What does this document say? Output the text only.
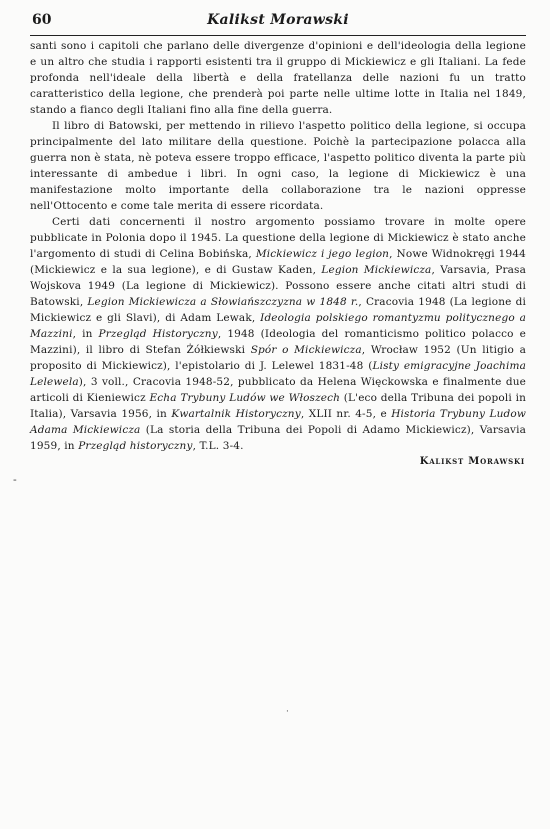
60	Kalikst Morawski

santi sono i capitoli che parlano delle divergenze d'opinioni e dell'ideologia della legione e un altro che studia i rapporti esistenti tra il gruppo di Mickiewicz e gli Italiani. La fede profonda nell'ideale della libertà e della fratellanza delle nazioni fu un tratto caratteristico della legione, che prenderà poi parte nelle ultime lotte in Italia nel 1849, stando a fianco degli Italiani fino alla fine della guerra.

Il libro di Batowski, per mettendo in rilievo l'aspetto politico della legione, si occupa principalmente del lato militare della questione. Poichè la partecipazione polacca alla guerra non è stata, nè poteva essere troppo efficace, l'aspetto politico diventa la parte più interessante di ambedue i libri. In ogni caso, la legione di Mickiewicz è una manifestazione molto importante della collaborazione tra le nazioni oppresse nell'Ottocento e come tale merita di essere ricordata.

Certi dati concernenti il nostro argomento possiamo trovare in molte opere pubblicate in Polonia dopo il 1945. La questione della legione di Mickiewicz è stato anche l'argomento di studi di Celina Bobińska, Mickiewicz i jego legion, Nowe Widnokręgi 1944 (Mickiewicz e la sua legione), e di Gustaw Kaden, Legion Mickiewicza, Varsavia, Prasa Wojskova 1949 (La legione di Mickiewicz). Possono essere anche citati altri studi di Batowski, Legion Mickiewicza a Słowiańszczyzna w 1848 r., Cracovia 1948 (La legione di Mickiewicz e gli Slavi), di Adam Lewak, Ideologia polskiego romantyzmu politycznego a Mazzini, in Przegląd Historyczny, 1948 (Ideologia del romanticismo politico polacco e Mazzini), il libro di Stefan Żółkiewski Spór o Mickiewicza, Wrocław 1952 (Un litigio a proposito di Mickiewicz), l'epistolario di J. Lelewel 1831-48 (Listy emigracyjne Joachima Lelewela), 3 voll., Cracovia 1948-52, pubblicato da Helena Więckowska e finalmente due articoli di Kieniewicz Echa Trybuny Ludów we Włoszech (L'eco della Tribuna dei popoli in Italia), Varsavia 1956, in Kwartalnik Historyczny, XLII nr. 4-5, e Historia Trybuny Ludow Adama Mickiewicza (La storia della Tribuna dei Popoli di Adamo Mickiewicz), Varsavia 1959, in Przegląd historyczny, T.L. 3-4.

Kalikst Morawski
-
·
